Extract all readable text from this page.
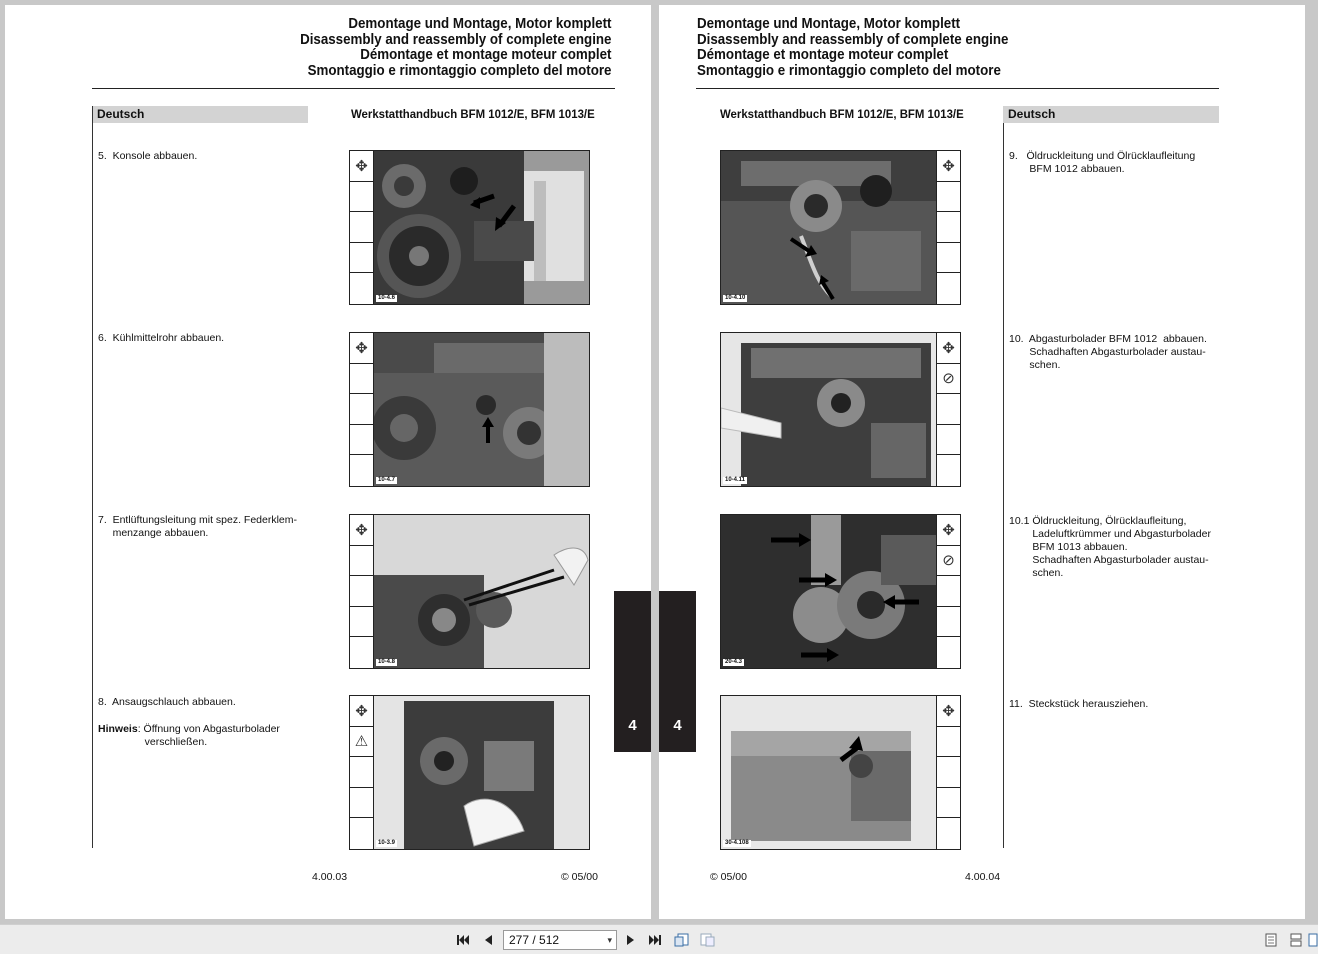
Demontage und Montage, Motor komplett
Disassembly and reassembly of complete engine
Démontage et montage moteur complet
Smontaggio e rimontaggio completo del motore
Deutsch	Werkstatthandbuch BFM 1012/E, BFM 1013/E
5.  Konsole abbauen.
6.  Kühlmittelrohr abbauen.
7.  Entlüftungsleitung mit spez. Federklem-
menzange abbauen.
8.  Ansaugschlauch abbauen.
Hinweis: Öffnung von Abgasturbolader
verschließen.
✥
10-4.6
✥
10-4.7
✥
10-4.8
✥
⚠
10-3.9
4
4.00.03	© 05/00
Demontage und Montage, Motor komplett
Disassembly and reassembly of complete engine
Démontage et montage moteur complet
Smontaggio e rimontaggio completo del motore
Werkstatthandbuch BFM 1012/E, BFM 1013/E	Deutsch
9.   Öldruckleitung und Ölrücklaufleitung
BFM 1012 abbauen.
10.  Abgasturbolader BFM 1012  abbauen.
Schadhaften Abgasturbolader austau-
schen.
10.1 Öldruckleitung, Ölrücklaufleitung,
Ladeluftkrümmer und Abgasturbolader
BFM 1013 abbauen.
Schadhaften Abgasturbolader austau-
schen.
11.  Steckstück herausziehen.
✥
10-4.10
✥
⊘
10-4.11
✥
⊘
20-4.3
✥
30-4.108
4
© 05/00	4.00.04
277 / 512	▾
